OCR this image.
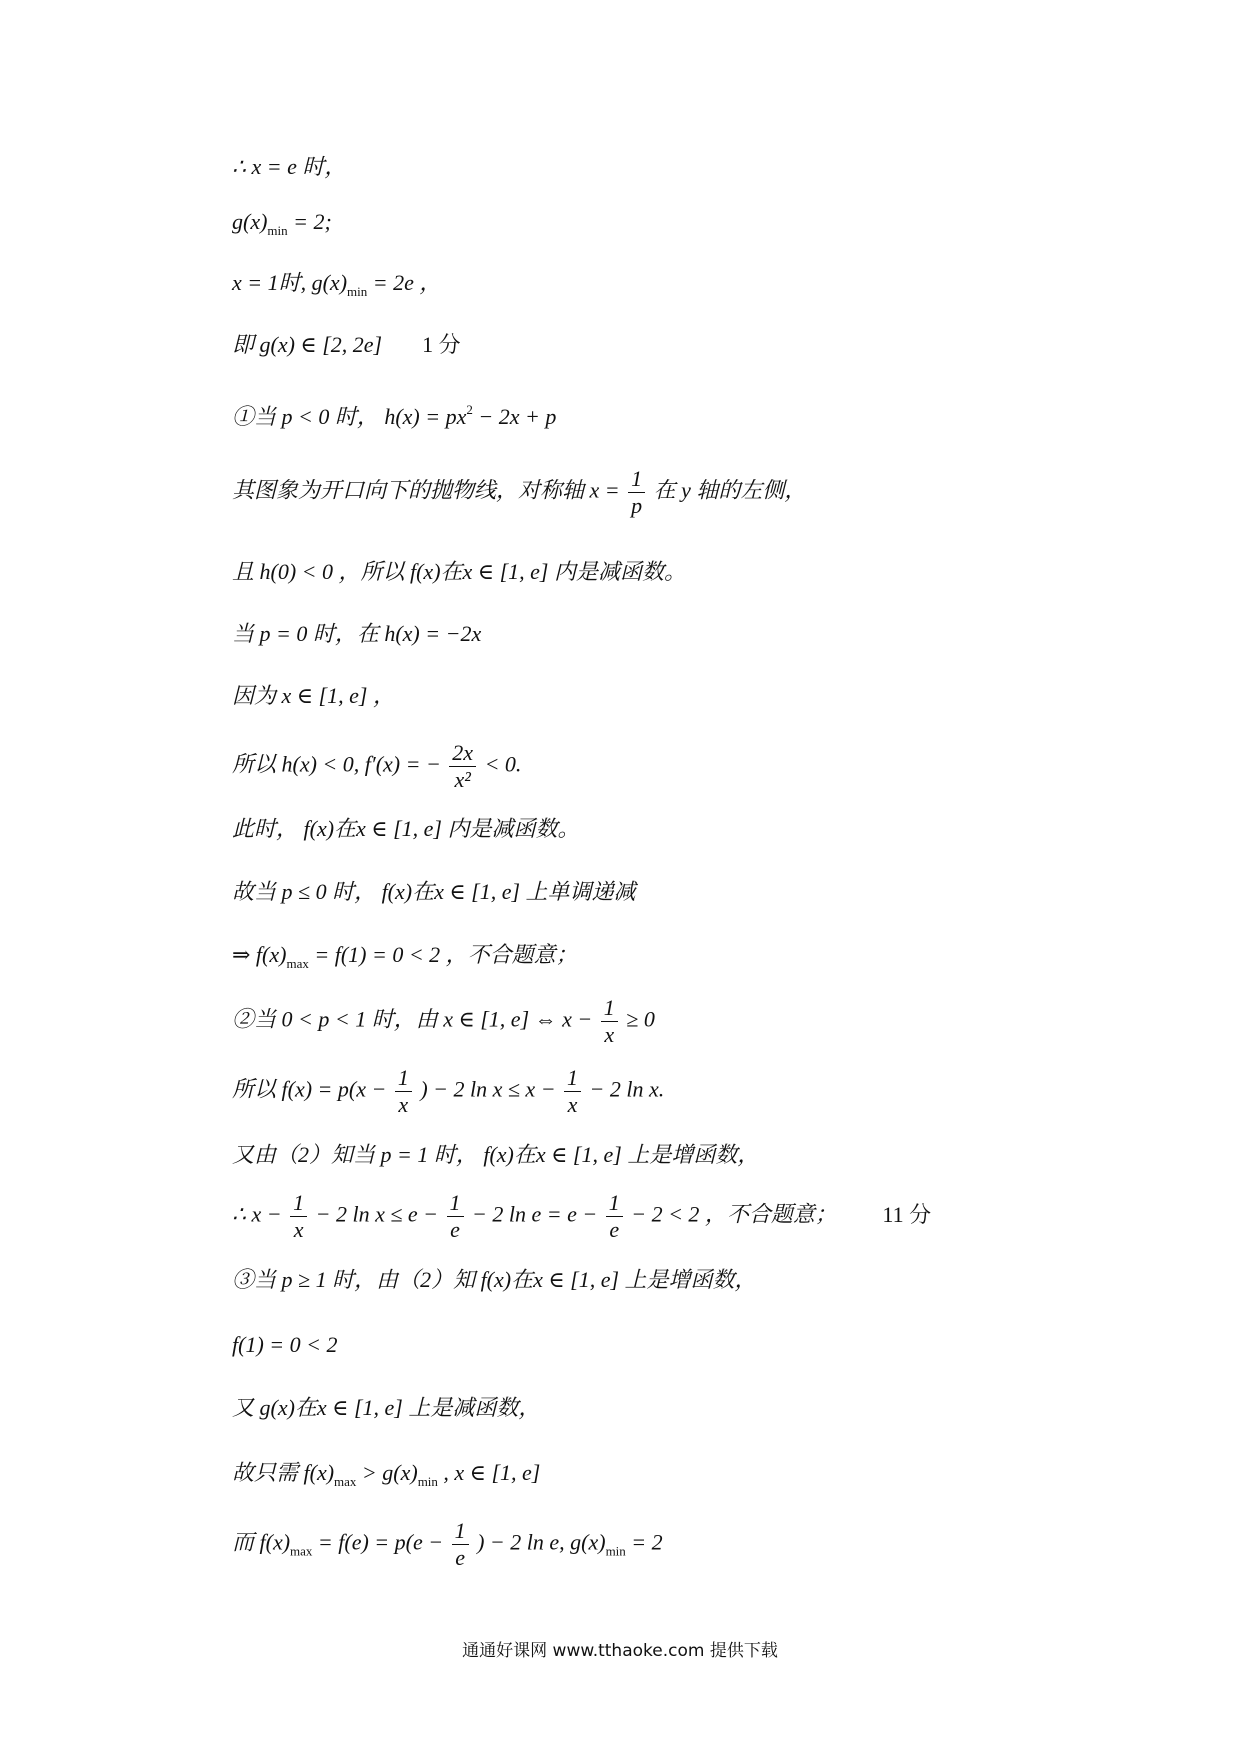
∴ x = e 时，
$g(x)_{min} = 2$;
x = 1时, $g(x)_{min} = 2e$ ，
即 g(x) ∈ [2, 2e] 1 分
①当 p < 0 时， $h(x) = px^2 - 2x + p$
其图象为开口向下的抛物线，对称轴 $x = \frac{1}{p}$ 在 y 轴的左侧，
且 h(0) < 0 ，所以 f(x)在x ∈ [1, e] 内是减函数。
当 p = 0 时，在 h(x) = −2x
因为 x ∈ [1, e] ，
所以 h(x) < 0, f′(x) = − $\frac{2x}{\text{x²}} < 0$.
此时， f(x)在x ∈ [1, e] 内是减函数。
故当 p ≤ 0 时， f(x)在x ∈ [1, e] 上单调递减
⇒ $f(x)_{max} = f(1) = 0 < 2$ ，不合题意；
②当 0 < p < 1 时，由 x ∈ [1, e] ⇔ $x - \frac{1}{x} \ge 0$
所以 $f(x) = p(x - \frac{1}{x}$ ) − 2 $\ln x \le x - \frac{1}{x} - 2$ ln x.
又由（2）知当 p = 1 时， f(x)在x ∈ [1, e] 上是增函数，
∴ $x - \frac{1}{x} - 2$ $\ln x \le e - \frac{1}{e} - 2$ $\ln e = e - \frac{1}{e} - 2 < 2$ ，不合题意； 11 分
③当 p ≥ 1 时，由（2）知 f(x)在x ∈ [1, e] 上是增函数，
f(1) = 0 < 2
又 g(x)在x ∈ [1, e] 上是减函数，
故只需 $f(x)_{max} > g(x)_{min}$ , x ∈ [1, e]
而 $f(x)_{max} = f(e) = p(e - \frac{1}{e}$ ) − 2 ln e, $g(x)_{min} = 2$
通通好课网 www.tthaoke.com 提供下载
